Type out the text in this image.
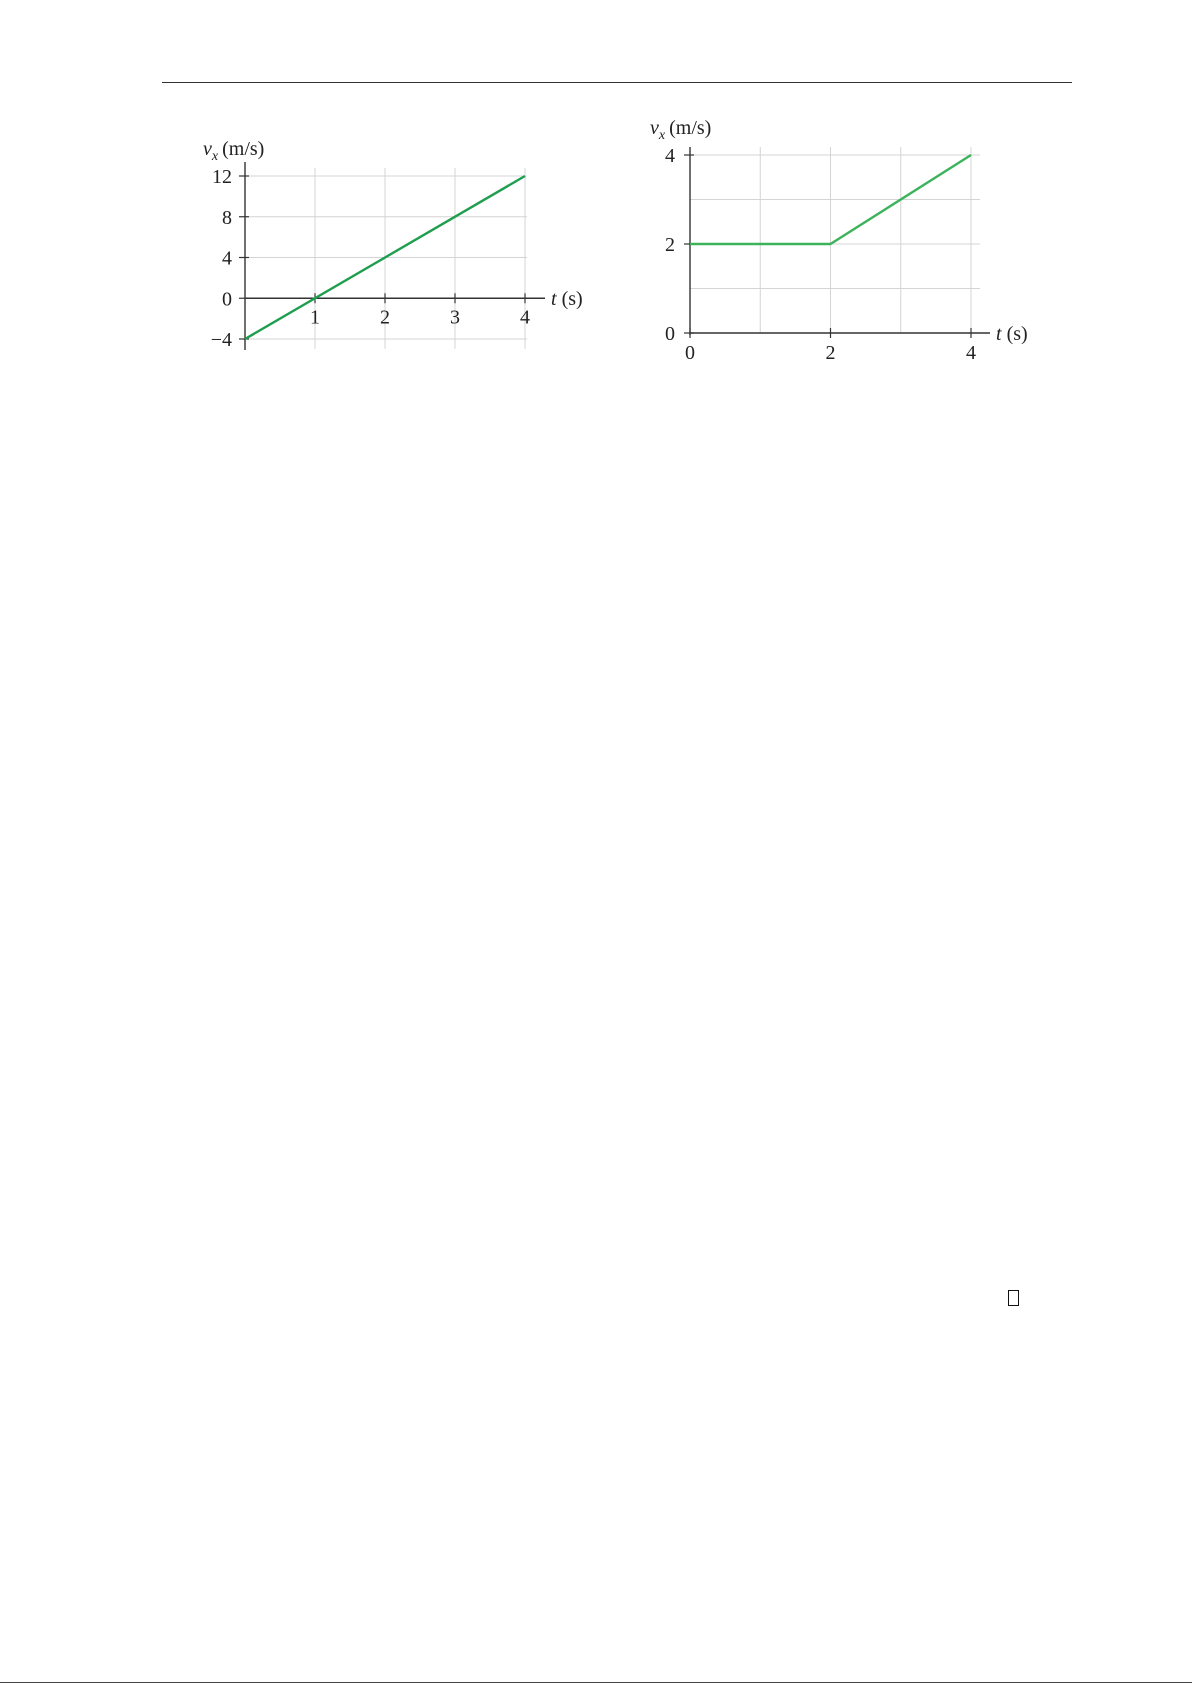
−4
0
4
8
12
1	2	3	4
$v_x$ (m/s)
t (s)
0
2
4
0	2	4
$v_x$ (m/s)
t (s)
